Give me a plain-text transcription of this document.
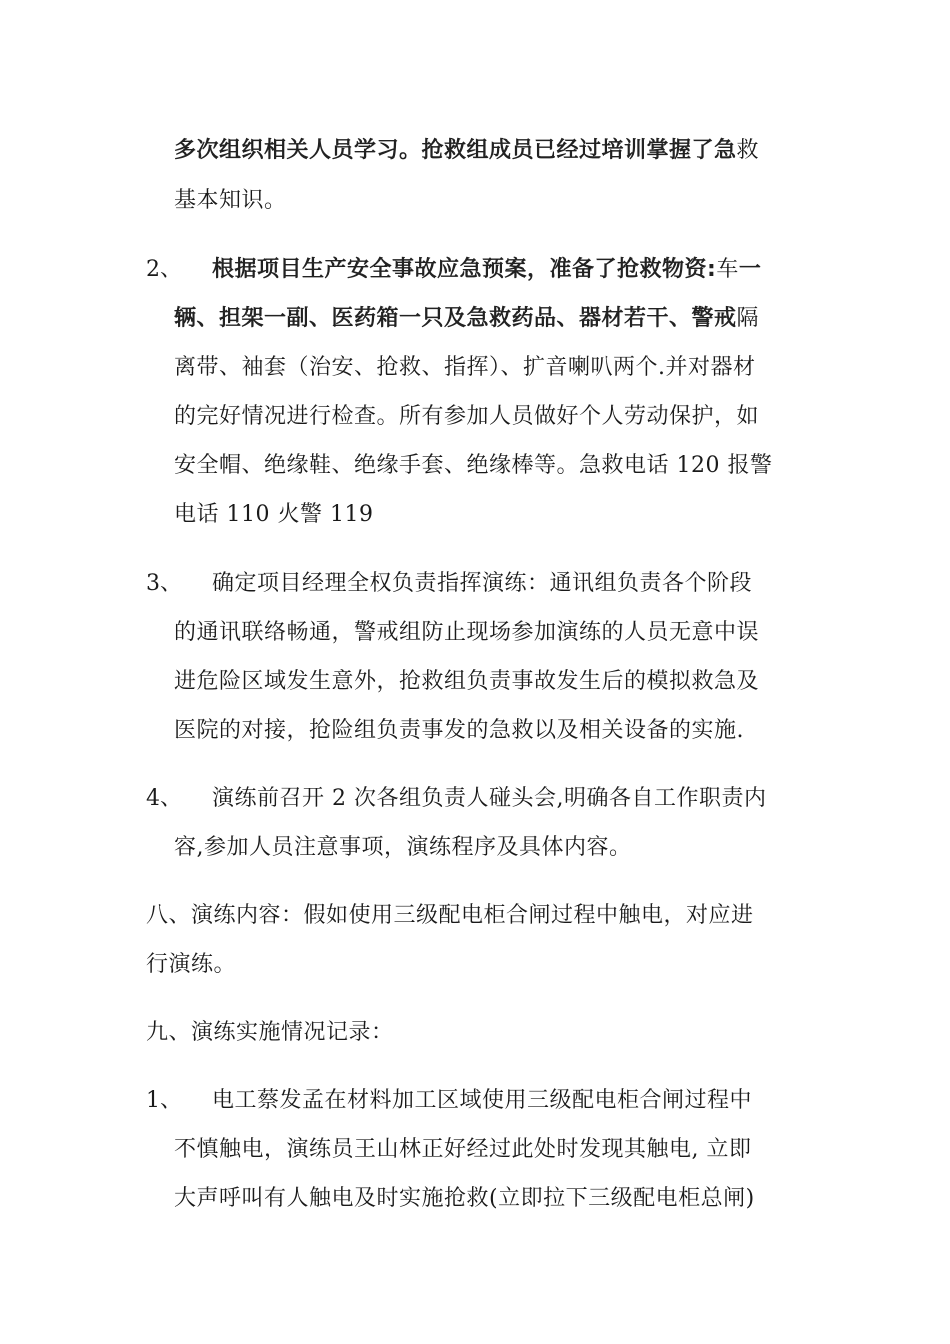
多次组织相关人员学习。抢救组成员已经过培训掌握了急救
基本知识。
2、 根据项目生产安全事故应急预案，准备了抢救物资:车一
辆、担架一副、医药箱一只及急救药品、器材若干、警戒隔
离带、袖套（治安、抢救、指挥）、扩音喇叭两个.并对器材
的完好情况进行检查。所有参加人员做好个人劳动保护，如
安全帽、绝缘鞋、绝缘手套、绝缘棒等。急救电话 120 报警
电话 110 火警 119
3、 确定项目经理全权负责指挥演练：通讯组负责各个阶段
的通讯联络畅通，警戒组防止现场参加演练的人员无意中误
进危险区域发生意外，抢救组负责事故发生后的模拟救急及
医院的对接，抢险组负责事发的急救以及相关设备的实施.
4、 演练前召开 2 次各组负责人碰头会,明确各自工作职责内
容,参加人员注意事项，演练程序及具体内容。
八、演练内容：假如使用三级配电柜合闸过程中触电，对应进
行演练。
九、演练实施情况记录：
1、 电工蔡发孟在材料加工区域使用三级配电柜合闸过程中
不慎触电，演练员王山林正好经过此处时发现其触电, 立即
大声呼叫有人触电及时实施抢救(立即拉下三级配电柜总闸)
